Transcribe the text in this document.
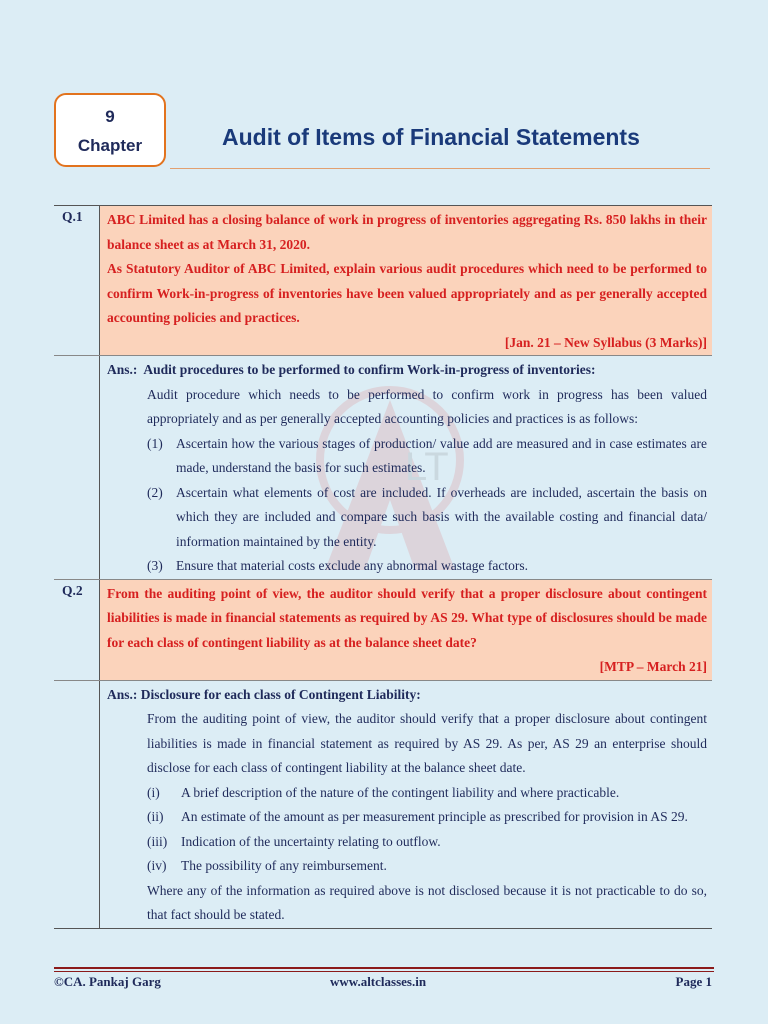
9
Chapter	Audit of Items of Financial Statements
LT
Q.1	ABC Limited has a closing balance of work in progress of inventories aggregating Rs. 850 lakhs in their balance sheet as at March 31, 2020.

As Statutory Auditor of ABC Limited, explain various audit procedures which need to be performed to confirm Work-in-progress of inventories have been valued appropriately and as per generally accepted accounting policies and practices.

[Jan. 21 – New Syllabus (3 Marks)]

Ans.: Audit procedures to be performed to confirm Work-in-progress of inventories:

Audit procedure which needs to be performed to confirm work in progress has been valued appropriately and as per generally accepted accounting policies and practices is as follows:

(1) Ascertain how the various stages of production/ value add are measured and in case estimates are made, understand the basis for such estimates.
(2) Ascertain what elements of cost are included. If overheads are included, ascertain the basis on which they are included and compare such basis with the available costing and financial data/ information maintained by the entity.
(3) Ensure that material costs exclude any abnormal wastage factors.
Q.2	From the auditing point of view, the auditor should verify that a proper disclosure about contingent liabilities is made in financial statements as required by AS 29. What type of disclosures should be made for each class of contingent liability as at the balance sheet date?

[MTP – March 21]

Ans.: Disclosure for each class of Contingent Liability:

From the auditing point of view, the auditor should verify that a proper disclosure about contingent liabilities is made in financial statement as required by AS 29. As per, AS 29 an enterprise should disclose for each class of contingent liability at the balance sheet date.

(i)	A brief description of the nature of the contingent liability and where practicable.
(ii)	An estimate of the amount as per measurement principle as prescribed for provision in AS 29.
(iii)	Indication of the uncertainty relating to outflow.
(iv)	The possibility of any reimbursement.

Where any of the information as required above is not disclosed because it is not practicable to do so, that fact should be stated.

©CA. Pankaj Garg	www.altclasses.in	Page 1
